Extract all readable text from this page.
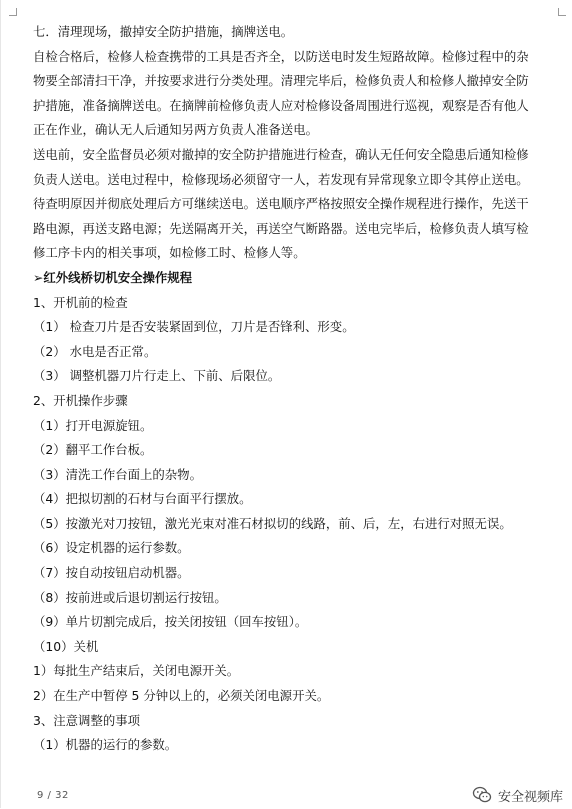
七．清理现场，撤掉安全防护措施，摘牌送电。

自检合格后，检修人检查携带的工具是否齐全，以防送电时发生短路故障。检修过程中的杂

物要全部清扫干净，并按要求进行分类处理。清理完毕后，检修负责人和检修人撤掉安全防

护措施，准备摘牌送电。在摘牌前检修负责人应对检修设备周围进行巡视，观察是否有他人

正在作业，确认无人后通知另两方负责人准备送电。

送电前，安全监督员必须对撤掉的安全防护措施进行检查，确认无任何安全隐患后通知检修

负责人送电。送电过程中，检修现场必须留守一人，若发现有异常现象立即令其停止送电。

待查明原因并彻底处理后方可继续送电。送电顺序严格按照安全操作规程进行操作，先送干

路电源，再送支路电源；先送隔离开关，再送空气断路器。送电完毕后，检修负责人填写检

修工序卡内的相关事项，如检修工时、检修人等。

➢红外线桥切机安全操作规程

1、开机前的检查

（1） 检查刀片是否安装紧固到位，刀片是否锋利、形变。

（2） 水电是否正常。

（3） 调整机器刀片行走上、下前、后限位。

2、开机操作步骤

（1）打开电源旋钮。

（2）翻平工作台板。

（3）清洗工作台面上的杂物。

（4）把拟切割的石材与台面平行摆放。

（5）按激光对刀按钮，激光光束对准石材拟切的线路，前、后，左，右进行对照无误。

（6）设定机器的运行参数。

（7）按自动按钮启动机器。

（8）按前进或后退切割运行按钮。

（9）单片切割完成后，按关闭按钮（回车按钮）。

（10）关机

1）每批生产结束后，关闭电源开关。

2）在生产中暂停 5 分钟以上的，必须关闭电源开关。

3、注意调整的事项

（1）机器的运行的参数。

9 / 32	安全视频库
